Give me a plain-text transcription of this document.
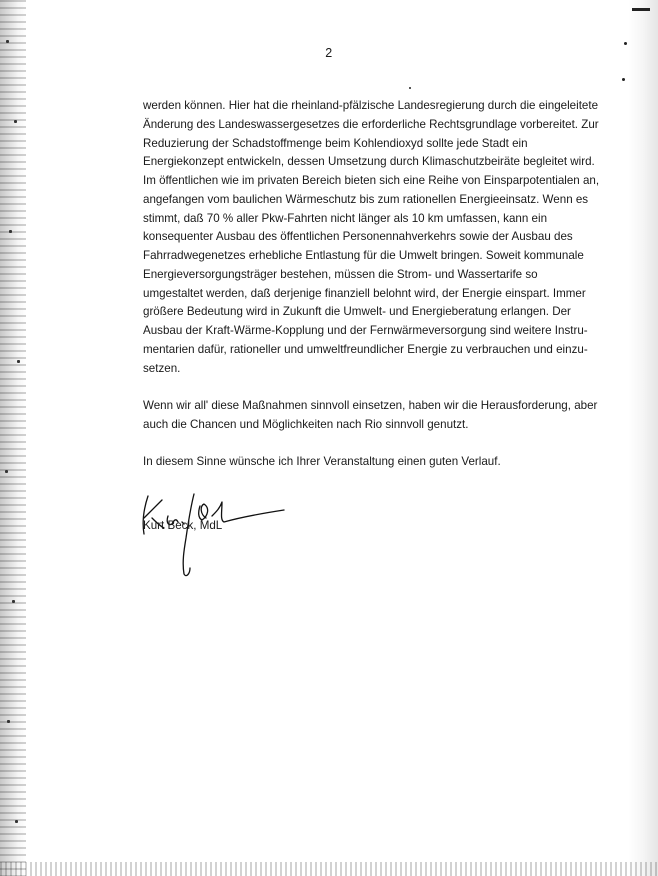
2

werden können. Hier hat die rheinland-pfälzische Landesregierung durch die eingeleitete
Änderung des Landeswassergesetzes die erforderliche Rechtsgrundlage vorbereitet. Zur
Reduzierung der Schadstoffmenge beim Kohlendioxyd sollte jede Stadt ein
Energiekonzept entwickeln, dessen Umsetzung durch Klimaschutzbeiräte begleitet wird.
Im öffentlichen wie im privaten Bereich bieten sich eine Reihe von Einsparpotentialen an,
angefangen vom baulichen Wärmeschutz bis zum rationellen Energieeinsatz. Wenn es
stimmt, daß 70 % aller Pkw-Fahrten nicht länger als 10 km umfassen, kann ein
konsequenter Ausbau des öffentlichen Personennahverkehrs sowie der Ausbau des
Fahrradwegenetzes erhebliche Entlastung für die Umwelt bringen. Soweit kommunale
Energieversorgungsträger bestehen, müssen die Strom- und Wassertarife so
umgestaltet werden, daß derjenige finanziell belohnt wird, der Energie einspart. Immer
größere Bedeutung wird in Zukunft die Umwelt- und Energieberatung erlangen. Der
Ausbau der Kraft-Wärme-Kopplung und der Fernwärmeversorgung sind weitere Instru-
mentarien dafür, rationeller und umweltfreundlicher Energie zu verbrauchen und einzu-
setzen.

Wenn wir all' diese Maßnahmen sinnvoll einsetzen, haben wir die Herausforderung, aber
auch die Chancen und Möglichkeiten nach Rio sinnvoll genutzt.

In diesem Sinne wünsche ich Ihrer Veranstaltung einen guten Verlauf.

Kurt Beck, MdL
